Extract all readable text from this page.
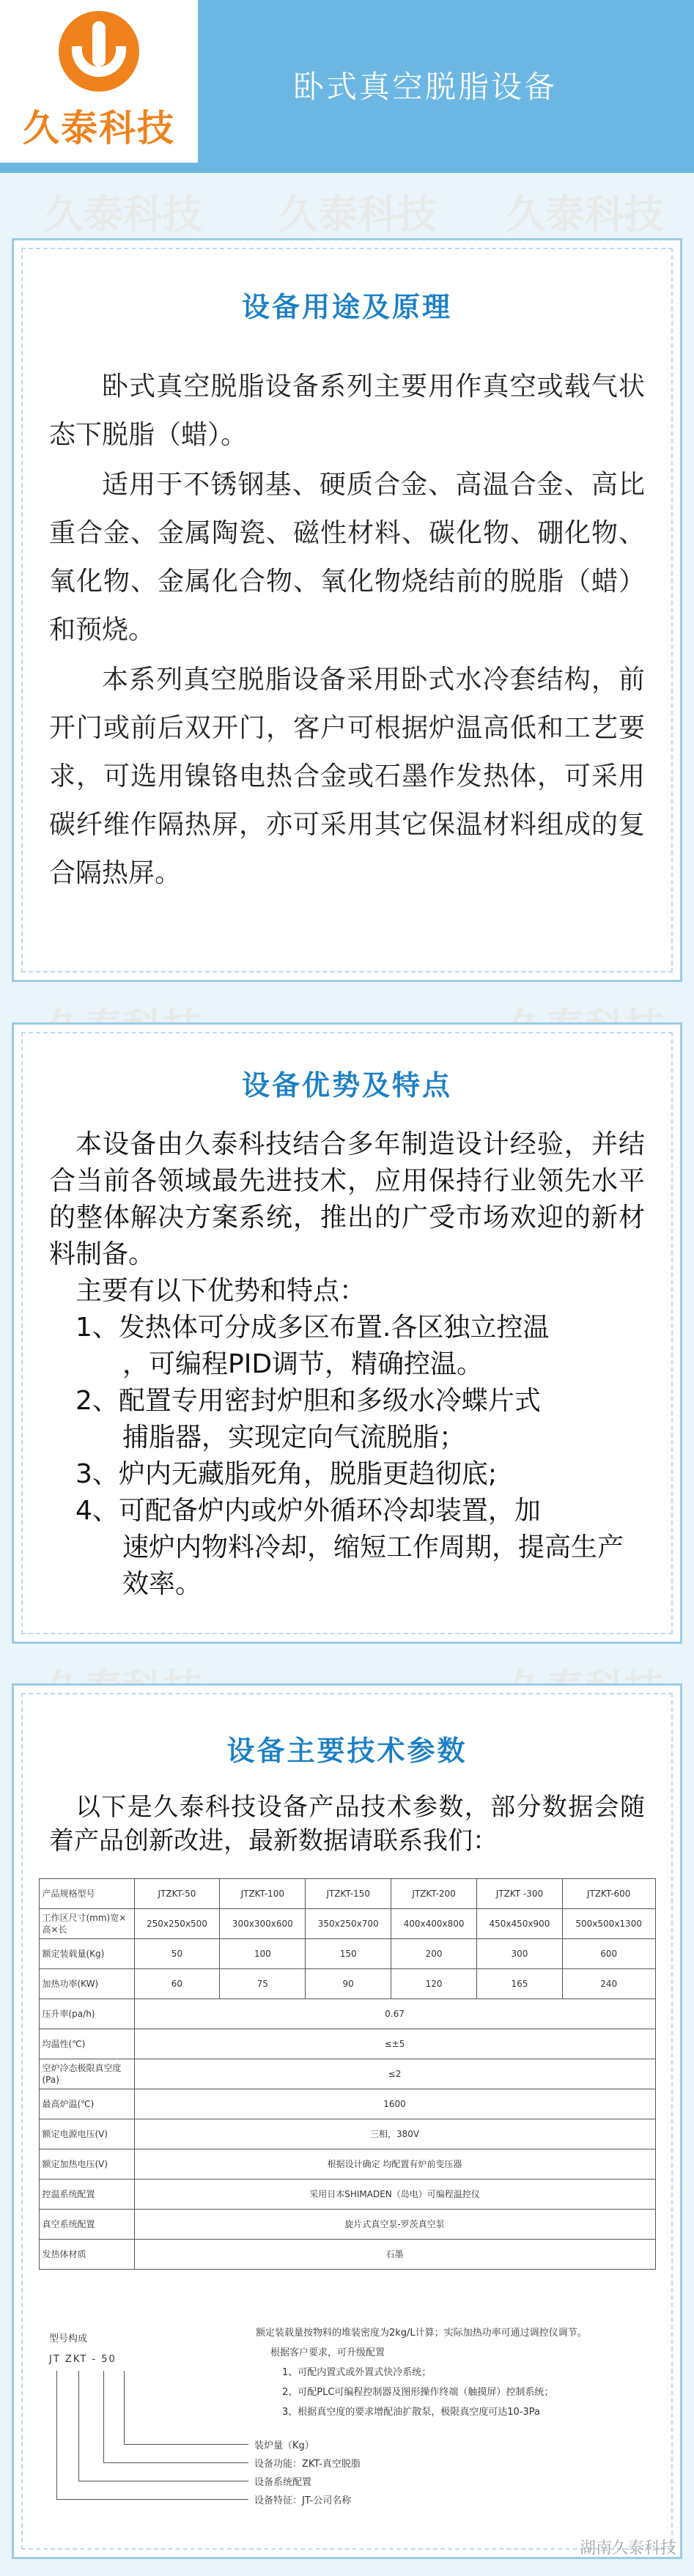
久泰科技
卧式真空脱脂设备
久泰科技 久泰科技 久泰科技
设备用途及原理

卧式真空脱脂设备系列主要用作真空或载气状态下脱脂（蜡）。

适用于不锈钢基、硬质合金、高温合金、高比重合金、金属陶瓷、磁性材料、碳化物、硼化物、氧化物、金属化合物、氧化物烧结前的脱脂（蜡）和预烧。

本系列真空脱脂设备采用卧式水冷套结构，前开门或前后双开门，客户可根据炉温高低和工艺要求，可选用镍铬电热合金或石墨作发热体，可采用碳纤维作隔热屏，亦可采用其它保温材料组成的复合隔热屏。

设备优势及特点

本设备由久泰科技结合多年制造设计经验，并结合当前各领域最先进技术，应用保持行业领先水平的整体解决方案系统，推出的广受市场欢迎的新材料制备。

主要有以下优势和特点：

1、发热体可分成多区布置.各区独立控温
，可编程PID调节，精确控温。
2、配置专用密封炉胆和多级水冷蝶片式
捕脂器，实现定向气流脱脂；
3、炉内无藏脂死角，脱脂更趋彻底;
4、可配备炉内或炉外循环冷却装置，加
速炉内物料冷却，缩短工作周期，提高生产效率。
设备主要技术参数

以下是久泰科技设备产品技术参数，部分数据会随着产品创新改进，最新数据请联系我们：

产品规格型号	JTZKT-50	JTZKT-100	JTZKT-150	JTZKT-200	JTZKT -300	JTZKT-600
工作区尺寸(mm)宽×高×长	250x250x500	300x300x600	350x250x700	400x400x800	450x450x900	500x500x1300
额定装载量(Kg)	50	100	150	200	300	600
加热功率(KW)	60	75	90	120	165	240
压升率(pa/h)	0.67					
均温性(℃)	≤±5					
空炉冷态极限真空度(Pa)	≤2					
最高炉温(℃)	1600					
额定电源电压(V)	三相，380V					
额定加热电压(V)	根据设计确定 均配置有炉前变压器					
控温系统配置	采用日本SHIMADEN（岛电）可编程温控仪					
真空系统配置	旋片式真空泵-罗茨真空泵					
发热体材质	石墨					
额定装载量按物料的堆装密度为2kg/L计算；实际加热功率可通过调控仪调节。
根据客户要求，可升级配置
1、可配内置式或外置式快冷系统；
2、可配PLC可编程控制器及图形操作终端（触摸屏）控制系统；
3、根据真空度的要求增配油扩散泵，极限真空度可达10-3Pa
型号构成
JT ZKT - 50
装炉量（Kg）
设备功能：ZKT-真空脱脂
设备系统配置
设备特征：JT-公司名称
湖南久泰科技
